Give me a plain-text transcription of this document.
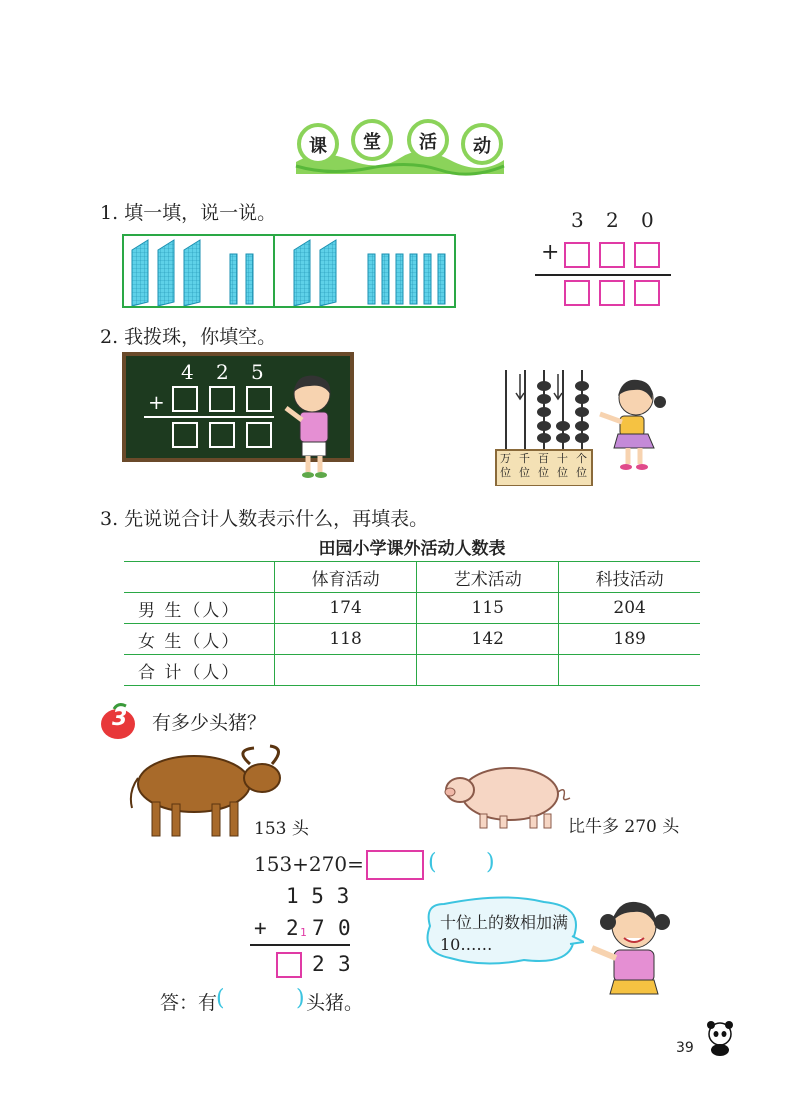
课 堂 活 动
1. 填一填，说一说。	3 2 0
+
2. 我拨珠，你填空。
4 2 5
+
万位
千位
百位
十位
个位
3. 先说说合计人数表示什么，再填表。
田园小学课外活动人数表
	体育活动	艺术活动	科技活动
男 生（人）	174	115	204
女 生（人）	118	142	189
合 计（人）			
3 有多少头猪？
153 头	比牛多 270 头
153+270=	( )
1 5 3
+ 2 1 7 0
2 3
答：有
(	) 头猪。
十位上的数相加满10……
39
